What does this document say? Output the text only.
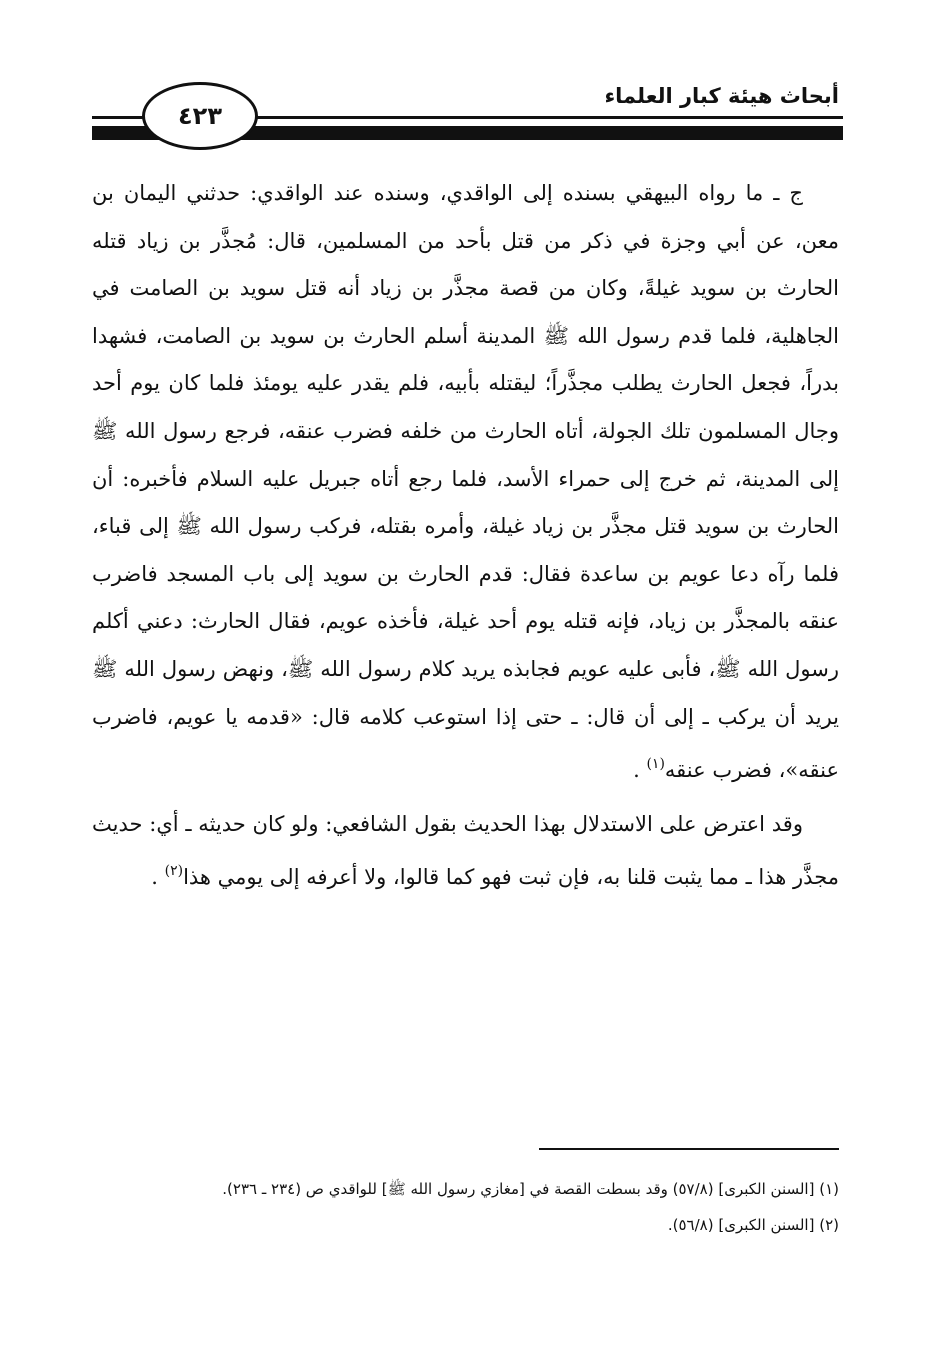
أبحاث هيئة كبار العلماء
٤٢٣

ج ـ ما رواه البيهقي بسنده إلى الواقدي، وسنده عند الواقدي: حدثني اليمان بن معن، عن أبي وجزة في ذكر من قتل بأحد من المسلمين، قال: مُجذَّر بن زياد قتله الحارث بن سويد غيلةً، وكان من قصة مجذَّر بن زياد أنه قتل سويد بن الصامت في الجاهلية، فلما قدم رسول الله ﷺ المدينة أسلم الحارث بن سويد بن الصامت، فشهدا بدراً، فجعل الحارث يطلب مجذَّراً؛ ليقتله بأبيه، فلم يقدر عليه يومئذ فلما كان يوم أحد وجال المسلمون تلك الجولة، أتاه الحارث من خلفه فضرب عنقه، فرجع رسول الله ﷺ إلى المدينة، ثم خرج إلى حمراء الأسد، فلما رجع أتاه جبريل عليه السلام فأخبره: أن الحارث بن سويد قتل مجذَّر بن زياد غيلة، وأمره بقتله، فركب رسول الله ﷺ إلى قباء، فلما رآه دعا عويم بن ساعدة فقال: قدم الحارث بن سويد إلى باب المسجد فاضرب عنقه بالمجذَّر بن زياد، فإنه قتله يوم أحد غيلة، فأخذه عويم، فقال الحارث: دعني أكلم رسول الله ﷺ، فأبى عليه عويم فجابذه يريد كلام رسول الله ﷺ، ونهض رسول الله ﷺ يريد أن يركب ـ إلى أن قال: ـ حتى إذا استوعب كلامه قال: «قدمه يا عويم، فاضرب عنقه»، فضرب عنقه$^{(١)}$ .

وقد اعترض على الاستدلال بهذا الحديث بقول الشافعي: ولو كان حديثه ـ أي: حديث مجذَّر هذا ـ مما يثبت قلنا به، فإن ثبت فهو كما قالوا، ولا أعرفه إلى يومي هذا$^{(٢)}$ .

(١) [السنن الكبرى] (٥٧/٨) وقد بسطت القصة في [مغازي رسول الله ﷺ] للواقدي ص (٢٣٤ ـ ٢٣٦).

(٢) [السنن الكبرى] (٥٦/٨).
